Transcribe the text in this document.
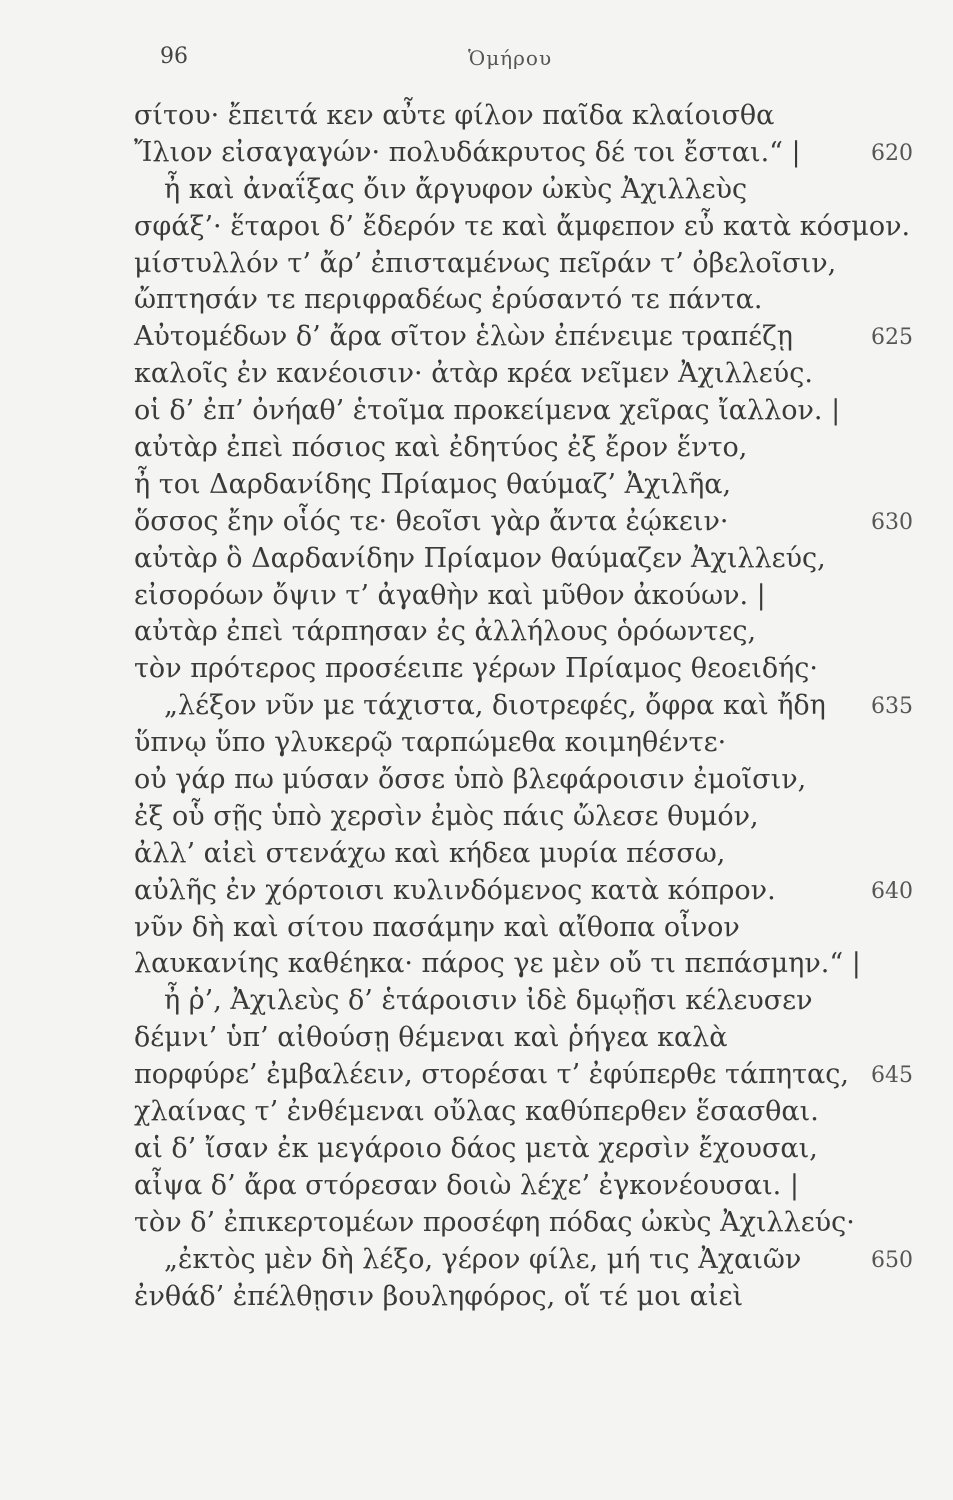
96	Ὁμήρου
σίτου· ἔπειτά κεν αὖτε φίλον παῖδα κλαίοισθα
Ἴλιον εἰσαγαγών· πολυδάκρυτος δέ τοι ἔσται.“ |	620
ἦ καὶ ἀναΐξας ὄιν ἄργυφον ὠκὺς Ἀχιλλεὺς
σφάξ’· ἕταροι δ’ ἔδερόν τε καὶ ἄμφεπον εὖ κατὰ κόσμον.
μίστυλλόν τ’ ἄρ’ ἐπισταμένως πεῖράν τ’ ὀβελοῖσιν,
ὤπτησάν τε περιφραδέως ἐρύσαντό τε πάντα.
Αὐτομέδων δ’ ἄρα σῖτον ἑλὼν ἐπένειμε τραπέζῃ	625
καλοῖς ἐν κανέοισιν· ἀτὰρ κρέα νεῖμεν Ἀχιλλεύς.
οἱ δ’ ἐπ’ ὀνήαθ’ ἑτοῖμα προκείμενα χεῖρας ἴαλλον. |
αὐτὰρ ἐπεὶ πόσιος καὶ ἐδητύος ἐξ ἔρον ἕντο,
ἦ τοι Δαρδανίδης Πρίαμος θαύμαζ’ Ἀχιλῆα,
ὅσσος ἔην οἷός τε· θεοῖσι γὰρ ἄντα ἐῴκειν·	630
αὐτὰρ ὃ Δαρδανίδην Πρίαμον θαύμαζεν Ἀχιλλεύς,
εἰσορόων ὄψιν τ’ ἀγαθὴν καὶ μῦθον ἀκούων. |
αὐτὰρ ἐπεὶ τάρπησαν ἐς ἀλλήλους ὁρόωντες,
τὸν πρότερος προσέειπε γέρων Πρίαμος θεοειδής·
„λέξον νῦν με τάχιστα, διοτρεφές, ὄφρα καὶ ἤδη 635
ὕπνῳ ὕπο γλυκερῷ ταρπώμεθα κοιμηθέντε·
οὐ γάρ πω μύσαν ὄσσε ὑπὸ βλεφάροισιν ἐμοῖσιν,
ἐξ οὗ σῇς ὑπὸ χερσὶν ἐμὸς πάις ὤλεσε θυμόν,
ἀλλ’ αἰεὶ στενάχω καὶ κήδεα μυρία πέσσω,
αὐλῆς ἐν χόρτοισι κυλινδόμενος κατὰ κόπρον.	640
νῦν δὴ καὶ σίτου πασάμην καὶ αἴθοπα οἶνον
λαυκανίης καθέηκα· πάρος γε μὲν οὔ τι πεπάσμην.“ |
ἦ ῥ’, Ἀχιλεὺς δ’ ἑτάροισιν ἰδὲ δμῳῇσι κέλευσεν
δέμνι’ ὑπ’ αἰθούσῃ θέμεναι καὶ ῥήγεα καλὰ
πορφύρε’ ἐμβαλέειν, στορέσαι τ’ ἐφύπερθε τάπητας, 645
χλαίνας τ’ ἐνθέμεναι οὔλας καθύπερθεν ἕσασθαι.
αἱ δ’ ἴσαν ἐκ μεγάροιο δάος μετὰ χερσὶν ἔχουσαι,
αἶψα δ’ ἄρα στόρεσαν δοιὼ λέχε’ ἐγκονέουσαι. |
τὸν δ’ ἐπικερτομέων προσέφη πόδας ὠκὺς Ἀχιλλεύς·
„ἐκτὸς μὲν δὴ λέξο, γέρον φίλε, μή τις Ἀχαιῶν	650
ἐνθάδ’ ἐπέλθῃσιν βουληφόρος, οἵ τέ μοι αἰεὶ
